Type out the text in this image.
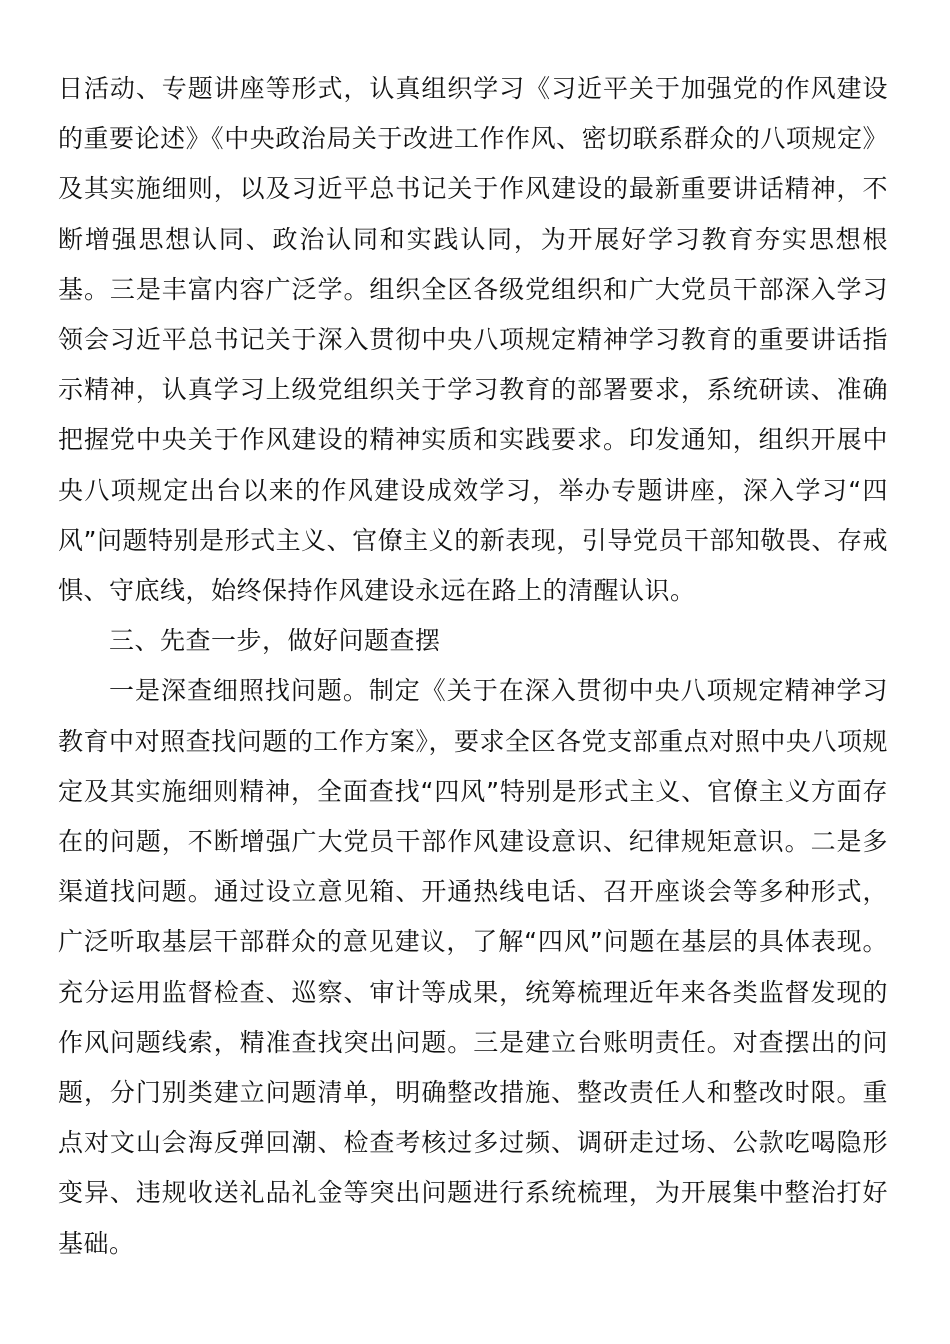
日活动、专题讲座等形式，认真组织学习《习近平关于加强党的作风建设的重要论述》《中央政治局关于改进工作作风、密切联系群众的八项规定》及其实施细则，以及习近平总书记关于作风建设的最新重要讲话精神，不断增强思想认同、政治认同和实践认同，为开展好学习教育夯实思想根基。三是丰富内容广泛学。组织全区各级党组织和广大党员干部深入学习领会习近平总书记关于深入贯彻中央八项规定精神学习教育的重要讲话指示精神，认真学习上级党组织关于学习教育的部署要求，系统研读、准确把握党中央关于作风建设的精神实质和实践要求。印发通知，组织开展中央八项规定出台以来的作风建设成效学习，举办专题讲座，深入学习“四风”问题特别是形式主义、官僚主义的新表现，引导党员干部知敬畏、存戒惧、守底线，始终保持作风建设永远在路上的清醒认识。

三、先查一步，做好问题查摆

一是深查细照找问题。制定《关于在深入贯彻中央八项规定精神学习教育中对照查找问题的工作方案》，要求全区各党支部重点对照中央八项规定及其实施细则精神，全面查找“四风”特别是形式主义、官僚主义方面存在的问题，不断增强广大党员干部作风建设意识、纪律规矩意识。二是多渠道找问题。通过设立意见箱、开通热线电话、召开座谈会等多种形式，广泛听取基层干部群众的意见建议，了解“四风”问题在基层的具体表现。充分运用监督检查、巡察、审计等成果，统筹梳理近年来各类监督发现的作风问题线索，精准查找突出问题。三是建立台账明责任。对查摆出的问题，分门别类建立问题清单，明确整改措施、整改责任人和整改时限。重点对文山会海反弹回潮、检查考核过多过频、调研走过场、公款吃喝隐形变异、违规收送礼品礼金等突出问题进行系统梳理，为开展集中整治打好基础。
